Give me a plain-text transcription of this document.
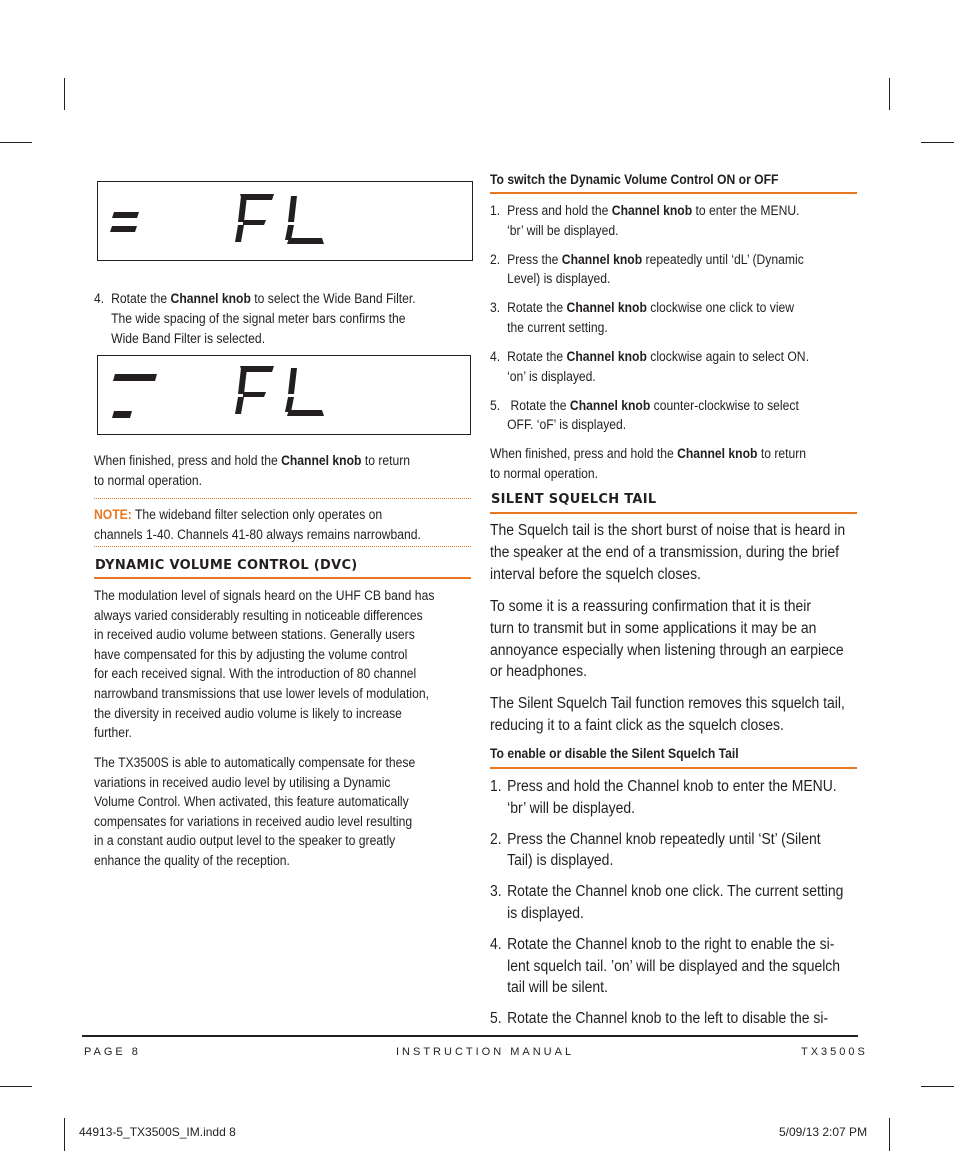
4. Rotate the Channel knob to select the Wide Band Filter.
The wide spacing of the signal meter bars confirms the
Wide Band Filter is selected.
When finished, press and hold the Channel knob to return
to normal operation.
NOTE: The wideband filter selection only operates on
channels 1-40. Channels 41-80 always remains narrowband.
DYNAMIC VOLUME CONTROL (DVC)
The modulation level of signals heard on the UHF CB band has
always varied considerably resulting in noticeable differences
in received audio volume between stations. Generally users
have compensated for this by adjusting the volume control
for each received signal. With the introduction of 80 channel
narrowband transmissions that use lower levels of modulation,
the diversity in received audio volume is likely to increase
further.
The TX3500S is able to automatically compensate for these
variations in received audio level by utilising a Dynamic
Volume Control. When activated, this feature automatically
compensates for variations in received audio level resulting
in a constant audio output level to the speaker to greatly
enhance the quality of the reception.
To switch the Dynamic Volume Control ON or OFF
1. Press and hold the Channel knob to enter the MENU.
‘br’ will be displayed.
2. Press the Channel knob repeatedly until ‘dL’ (Dynamic
Level) is displayed.
3. Rotate the Channel knob clockwise one click to view
the current setting.
4. Rotate the Channel knob clockwise again to select ON.
‘on’ is displayed.
5. Rotate the Channel knob counter-clockwise to select
OFF. ‘oF’ is displayed.
When finished, press and hold the Channel knob to return
to normal operation.
SILENT SQUELCH TAIL
The Squelch tail is the short burst of noise that is heard in
the speaker at the end of a transmission, during the brief
interval before the squelch closes.
To some it is a reassuring confirmation that it is their
turn to transmit but in some applications it may be an
annoyance especially when listening through an earpiece
or headphones.
The Silent Squelch Tail function removes this squelch tail,
reducing it to a faint click as the squelch closes.
To enable or disable the Silent Squelch Tail
1. Press and hold the Channel knob to enter the MENU.
‘br’ will be displayed.
2. Press the Channel knob repeatedly until ‘St’ (Silent
Tail) is displayed.
3. Rotate the Channel knob one click. The current setting
is displayed.
4. Rotate the Channel knob to the right to enable the si-
lent squelch tail. ’on’ will be displayed and the squelch
tail will be silent.
5. Rotate the Channel knob to the left to disable the si-
PAGE 8	INSTRUCTION MANUAL	TX3500S
44913-5_TX3500S_IM.indd 8	5/09/13 2:07 PM
